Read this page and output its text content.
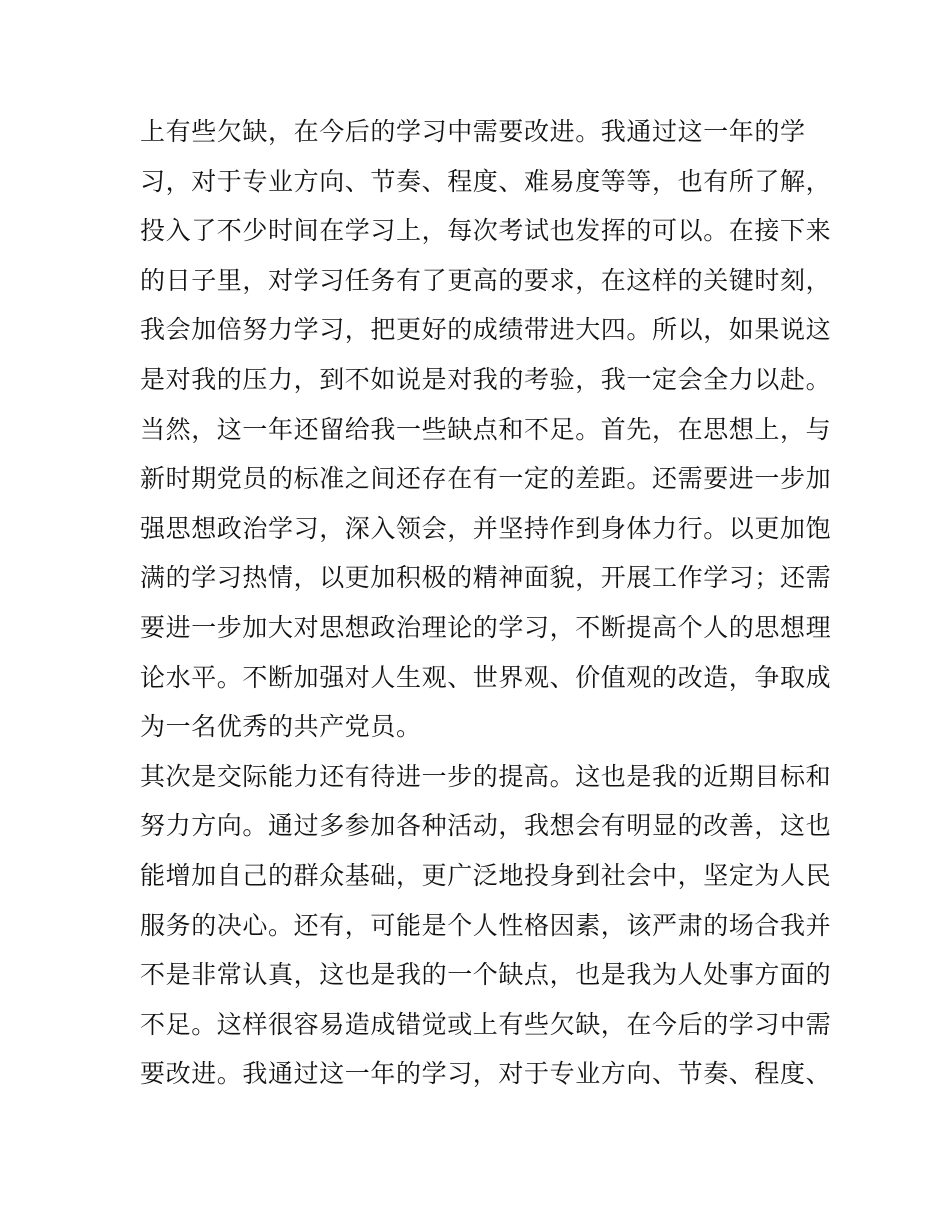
上有些欠缺，在今后的学习中需要改进。我通过这一年的学
习，对于专业方向、节奏、程度、难易度等等，也有所了解，
投入了不少时间在学习上，每次考试也发挥的可以。在接下来
的日子里，对学习任务有了更高的要求，在这样的关键时刻，
我会加倍努力学习，把更好的成绩带进大四。所以，如果说这
是对我的压力，到不如说是对我的考验，我一定会全力以赴。
当然，这一年还留给我一些缺点和不足。首先，在思想上，与
新时期党员的标准之间还存在有一定的差距。还需要进一步加
强思想政治学习，深入领会，并坚持作到身体力行。以更加饱
满的学习热情，以更加积极的精神面貌，开展工作学习；还需
要进一步加大对思想政治理论的学习，不断提高个人的思想理
论水平。不断加强对人生观、世界观、价值观的改造，争取成
为一名优秀的共产党员。
其次是交际能力还有待进一步的提高。这也是我的近期目标和
努力方向。通过多参加各种活动，我想会有明显的改善，这也
能增加自己的群众基础，更广泛地投身到社会中，坚定为人民
服务的决心。还有，可能是个人性格因素，该严肃的场合我并
不是非常认真，这也是我的一个缺点，也是我为人处事方面的
不足。这样很容易造成错觉或上有些欠缺，在今后的学习中需
要改进。我通过这一年的学习，对于专业方向、节奏、程度、
